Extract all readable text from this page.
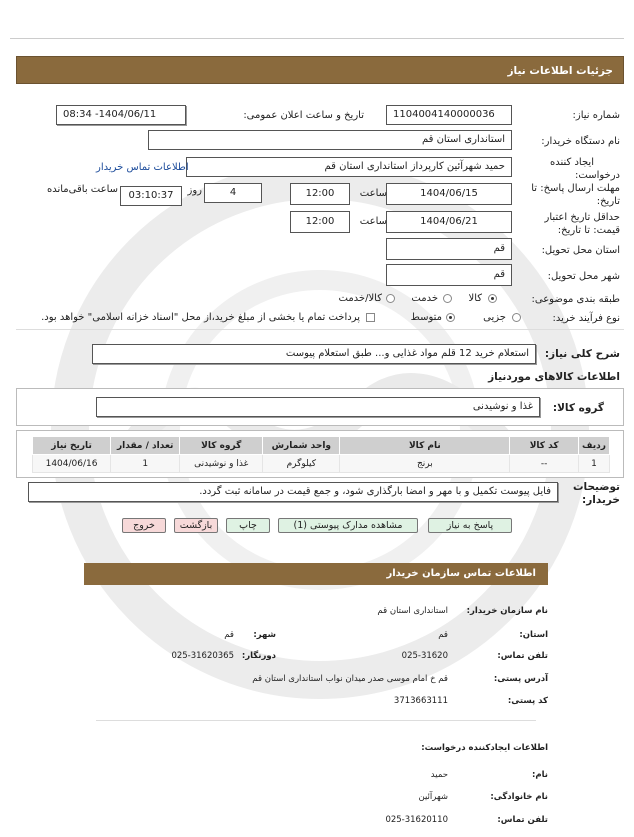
جزئیات اطلاعات نیاز
شماره نیاز:
1104004140000036
تاریخ و ساعت اعلان عمومی:
1404/06/11- 08:34
نام دستگاه خریدار:
استانداری استان قم
ایجاد کننده
درخواست:
حمید شهرآئین کارپرداز استانداری استان قم
اطلاعات تماس خریدار
مهلت ارسال پاسخ: تا
تاریخ:
1404/06/15
ساعت
12:00
4
روز
03:10:37
ساعت باقی‌مانده
حداقل تاریخ اعتبار
قیمت: تا تاریخ:
1404/06/21
ساعت
12:00
استان محل تحویل:
قم
شهر محل تحویل:
قم
طبقه بندی موضوعی:
کالا
خدمت
کالا/خدمت
نوع فرآیند خرید:
جزیی
متوسط
پرداخت تمام یا بخشی از مبلغ خرید،از محل "اسناد خزانه اسلامی" خواهد بود.
شرح کلی نیاز:
استعلام خرید 12 قلم مواد غذایی و... طبق استعلام پیوست
اطلاعات کالاهای موردنیاز
گروه کالا:
غذا و نوشیدنی
ردیف	کد کالا	نام کالا	واحد شمارش	گروه کالا	تعداد / مقدار	تاریخ نیاز
1	--	برنج	کیلوگرم	غذا و نوشیدنی	1	1404/06/16
توضیحات
خریدار:
فایل پیوست تکمیل و با مهر و امضا بارگذاری شود، و جمع قیمت در سامانه ثبت گردد.
پاسخ به نیاز
مشاهده مدارک پیوستی (1)
چاپ
بازگشت
خروج
اطلاعات تماس سازمان خریدار
نام سازمان خریدار:
استانداری استان قم
استان:
قم
شهر:
قم
تلفن تماس:
025-31620
دورنگار:
025-31620365
آدرس پستی:
قم خ امام موسی صدر میدان نواب استانداری استان قم
کد پستی:
3713663111
اطلاعات ایجادکننده درخواست:
نام:
حمید
نام خانوادگی:
شهرآئین
تلفن تماس:
025-31620110
